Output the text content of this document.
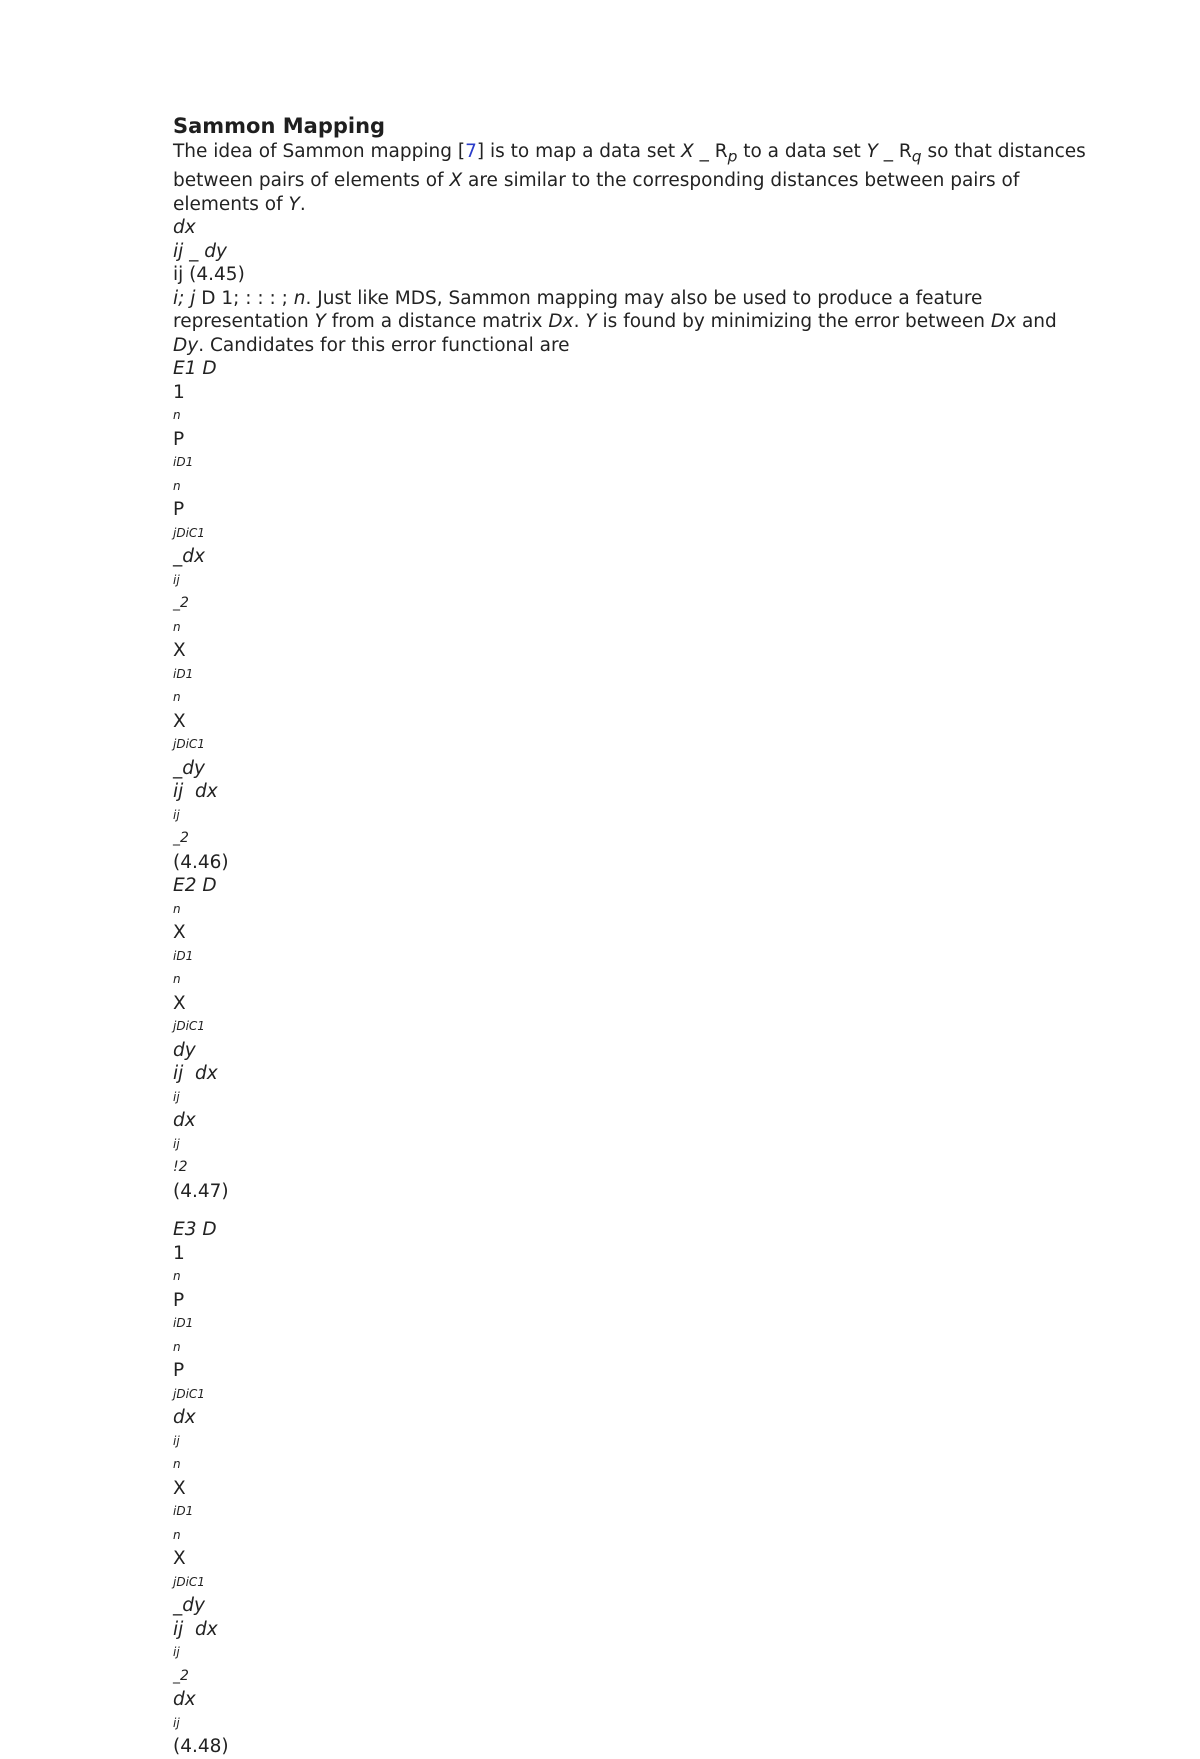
Sammon Mapping

The idea of Sammon mapping [7] is to map a data set X _ $R_p$ to a data set Y _ $R_q$ so that distances between pairs of elements of X are similar to the corresponding distances between pairs of elements of Y.

dx
ij _ dy
ij (4.45)

i; j D 1; : : : ; n. Just like MDS, Sammon mapping may also be used to produce a feature representation Y from a distance matrix Dx. Y is found by minimizing the error between Dx and Dy. Candidates for this error functional are

E1 D
1
n
P
iD1
n
P
jDiC1
_dx
ij
_2
n
X
iD1
n
X
jDiC1
_dy
ij  dx
ij
_2
(4.46)
E2 D
n
X
iD1
n
X
jDiC1
dy
ij  dx
ij
dx
ij
!2
(4.47)
E3 D
1
n
P
iD1
n
P
jDiC1
dx
ij
n
X
iD1
n
X
jDiC1
_dy
ij  dx
ij
_2
dx
ij
(4.48)
